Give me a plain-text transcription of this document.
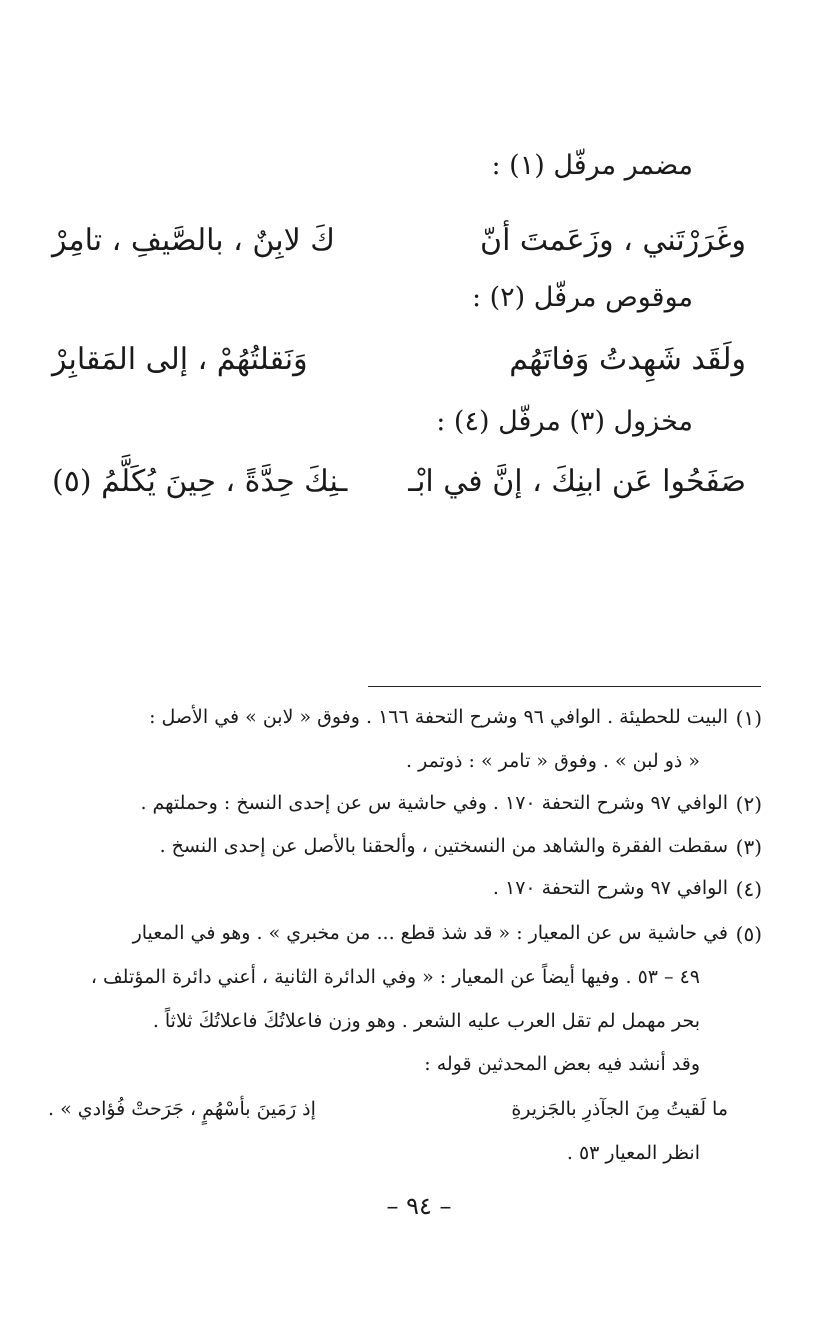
مضمر مرفّل (١) :
وغَرَرْتَني ، وزَعَمتَ أنّ
كَ لابِنٌ ، بالصَّيفِ ، تامِرْ
موقوص مرفّل (٢) :
ولَقَد شَهِدتُ وَفاتَهُم
وَنَقلتُهُمْ ، إلى المَقابِرْ
مخزول (٣) مرفّل (٤) :
صَفَحُوا عَن ابنِكَ ، إنَّ في ابْـ
ـنِكَ حِدَّةً ، حِينَ يُكَلَّمُ (٥)
(١)
البيت للحطيئة . الوافي ٩٦ وشرح التحفة ١٦٦ . وفوق « لابن » في الأصل :
« ذو لبن » . وفوق « تامر » : ذوتمر .
(٢)
الوافي ٩٧ وشرح التحفة ١٧٠ . وفي حاشية س عن إحدى النسخ : وحملتهم .
(٣)
سقطت الفقرة والشاهد من النسختين ، وألحقنا بالأصل عن إحدى النسخ .
(٤)
الوافي ٩٧ وشرح التحفة ١٧٠ .
(٥)
في حاشية س عن المعيار : « قد شذ قطع ... من مخبري » . وهو في المعيار
٤٩ – ٥٣ . وفيها أيضاً عن المعيار : « وفي الدائرة الثانية ، أعني دائرة المؤتلف ،
بحر مهمل لم تقل العرب عليه الشعر . وهو وزن فاعلاتُكَ فاعلاتُكَ ثلاثاً .
وقد أنشد فيه بعض المحدثين قوله :
ما لَقيتُ مِنَ الجآذرِ بالجَزيرةِ
إذ رَمَينَ بأسْهُمٍ ، جَرَحتْ فُؤادي » .
انظر المعيار ٥٣ .
– ٩٤ –
